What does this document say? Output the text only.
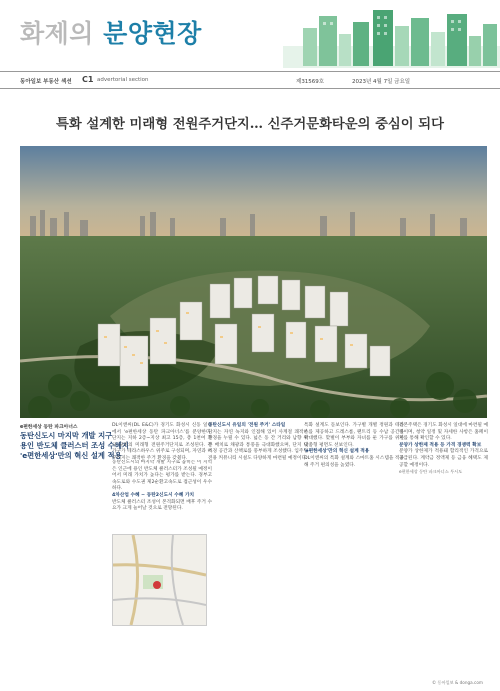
화제의 분양현장
동아일보 부동산 섹션 C1 advertorial section	제31569호	2023년 4월 7일 금요일
특화 설계한 미래형 전원주거단지… 신주거문화타운의 중심이 되다
e편한세상 동탄 파크아너스
동탄신도시 마지막 개발 지구
용인 반도체 클러스터 조성 수혜지
'e편한세상'만의 혁신 설계 적용

DL이앤씨(DL E&C)가 경기도 화성시 신동 일대에서 'e편한세상 동탄 파크아너스'를 분양한다. 단지는 지하 2층~지상 최고 15층, 총 1천여 가구 규모의 미래형 전원주거단지로 조성된다. 전 가구가 테라스하우스 위주로 구성되며, 자연과 어우러지는 쾌적한 주거 환경을 갖췄다.

동탄신도시의 마지막 개발 지구로 꼽히는 이 지역은 인근에 용인 반도체 클러스터가 조성될 예정이어서 미래 가치가 높다는 평가를 받는다. 경부고속도로와 수도권 제2순환고속도로 접근성이 우수하다.

4차산업 수혜 ~ 동탄2신도시 수혜 가치

반도체 클러스터 조성이 본격화되면 배후 주거 수요가 크게 늘어날 것으로 전망된다.

동탄신도시 유일의 '전원 주거' 스타일

단지는 자연 녹지와 인접해 있어 사계절 쾌적한 환경을 누릴 수 있다. 넓은 동 간 거리와 남향 위주 배치로 채광과 통풍을 극대화했으며, 단지 내 조경 공간과 산책로를 풍부하게 조성했다. 입주민 전용 커뮤니티 시설도 다양하게 마련될 예정이다.

특화 설계도 돋보인다. 가구별 개별 정원과 테라스를 제공하고 드레스룸, 팬트리 등 수납 공간을 확대했다. 맞벌이 부부와 자녀를 둔 가구를 위한 맞춤형 평면도 선보인다.

'e편한세상'만의 혁신 설계 적용

DL이앤씨의 특화 설계와 스마트홈 시스템을 적용해 주거 편의성을 높였다.

견본주택은 경기도 화성시 일대에 마련될 예정이며, 청약 일정 및 자세한 사항은 홈페이지를 통해 확인할 수 있다.

분양가 상한제 적용 등 가격 경쟁력 확보

분양가 상한제가 적용돼 합리적인 가격으로 공급된다. 계약금 정액제 등 금융 혜택도 제공할 예정이다.

e편한세상 동탄 파크아너스 투시도

© 동아일보 & donga.com
